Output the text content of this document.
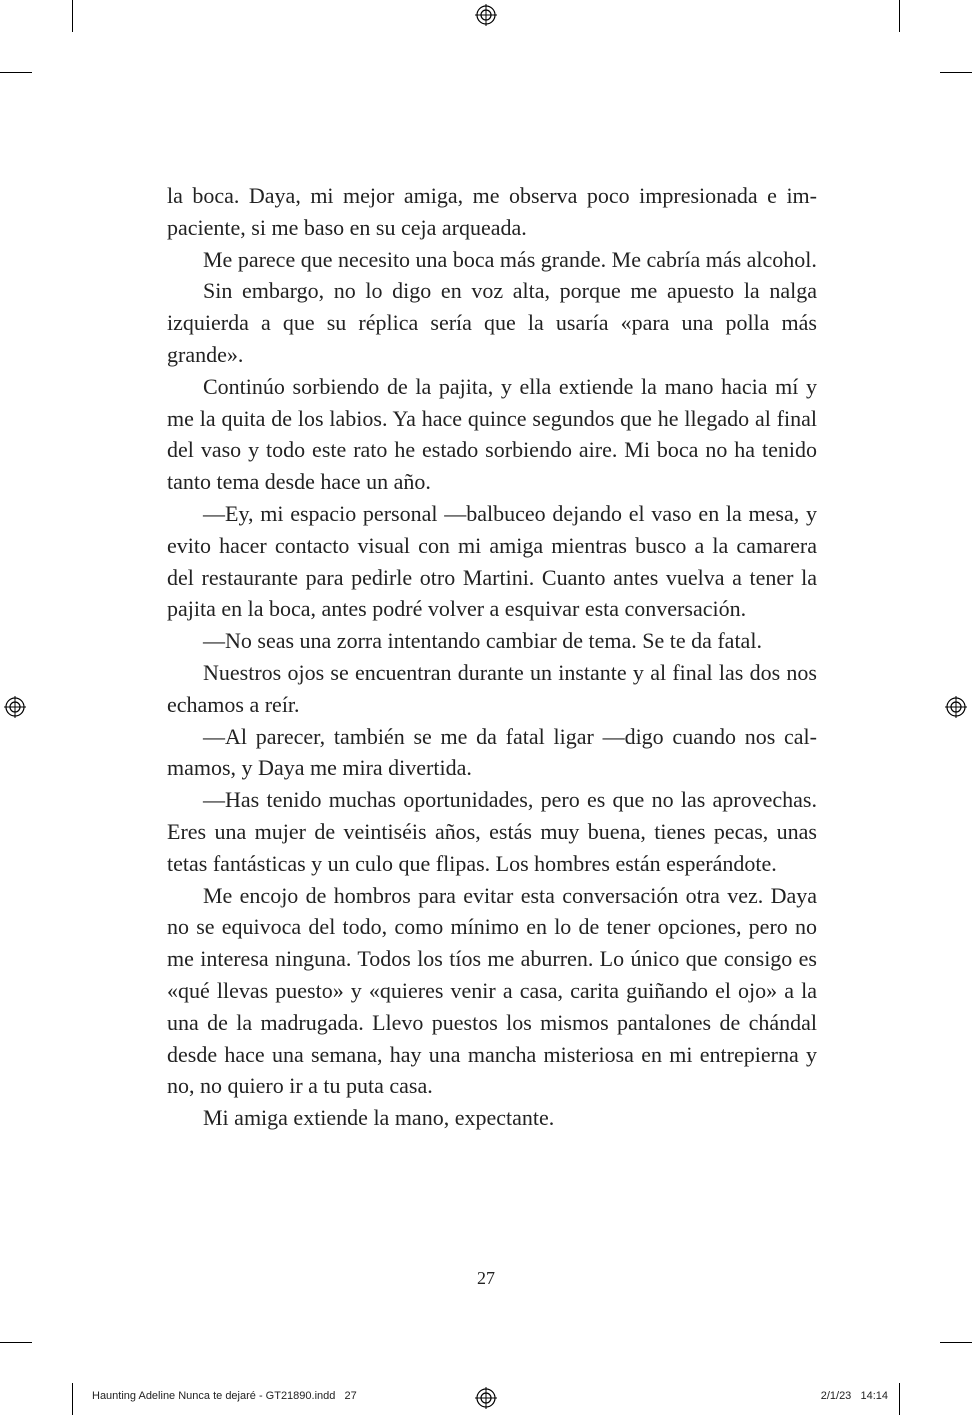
la boca. Daya, mi mejor amiga, me observa poco impresionada e impaciente, si me baso en su ceja arqueada.

Me parece que necesito una boca más grande. Me cabría más alcohol.

Sin embargo, no lo digo en voz alta, porque me apuesto la nalga izquierda a que su réplica sería que la usaría «para una polla más grande».

Continúo sorbiendo de la pajita, y ella extiende la mano hacia mí y me la quita de los labios. Ya hace quince segundos que he llegado al final del vaso y todo este rato he estado sorbiendo aire. Mi boca no ha tenido tanto tema desde hace un año.

—Ey, mi espacio personal —balbuceo dejando el vaso en la mesa, y evito hacer contacto visual con mi amiga mientras busco a la camarera del restaurante para pedirle otro Martini. Cuanto antes vuelva a tener la pajita en la boca, antes podré volver a esquivar esta conversación.

—No seas una zorra intentando cambiar de tema. Se te da fatal.

Nuestros ojos se encuentran durante un instante y al final las dos nos echamos a reír.

—Al parecer, también se me da fatal ligar —digo cuando nos calmamos, y Daya me mira divertida.

—Has tenido muchas oportunidades, pero es que no las aprovechas. Eres una mujer de veintiséis años, estás muy buena, tienes pecas, unas tetas fantásticas y un culo que flipas. Los hombres están esperándote.

Me encojo de hombros para evitar esta conversación otra vez. Daya no se equivoca del todo, como mínimo en lo de tener opciones, pero no me interesa ninguna. Todos los tíos me aburren. Lo único que consigo es «qué llevas puesto» y «quieres venir a casa, carita guiñando el ojo» a la una de la madrugada. Llevo puestos los mismos pantalones de chándal desde hace una semana, hay una mancha misteriosa en mi entrepierna y no, no quiero ir a tu puta casa.

Mi amiga extiende la mano, expectante.

27
Haunting Adeline Nunca te dejaré - GT21890.indd   27	2/1/23   14:14
